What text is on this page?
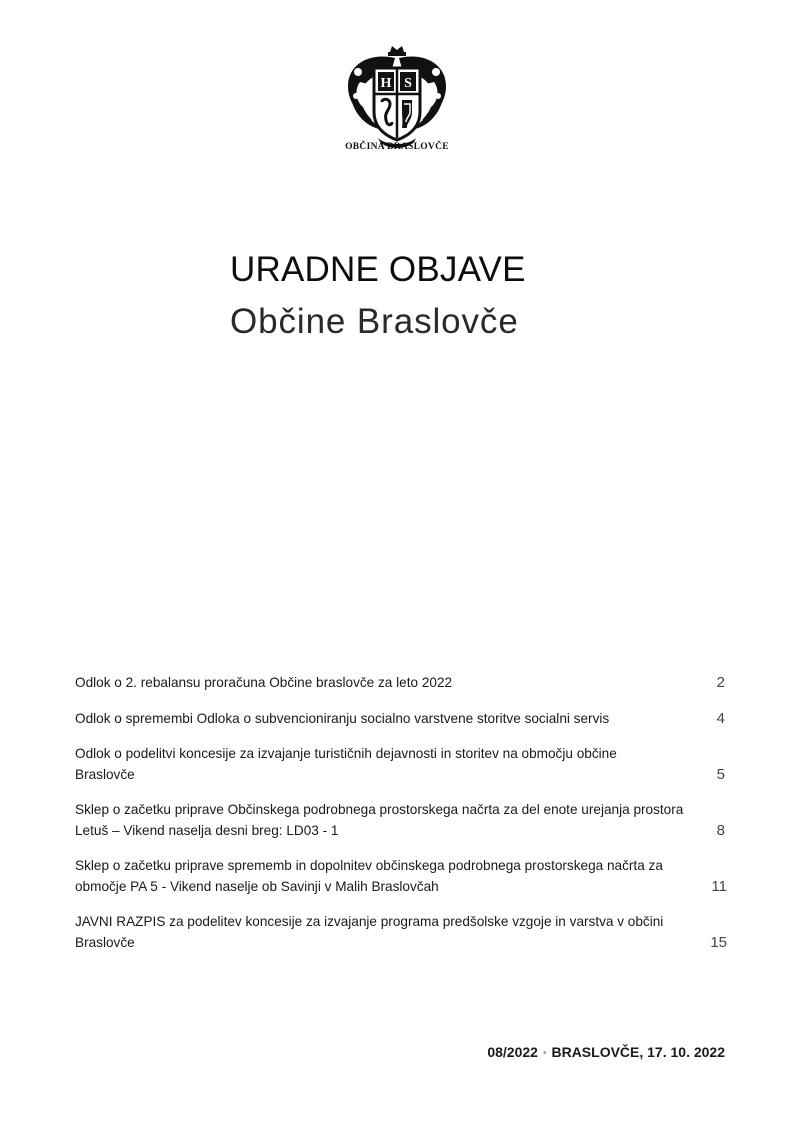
H S
OBČINA BRASLOVČE
URADNE OBJAVE
Občine Braslovče
Odlok o 2. rebalansu proračuna Občine braslovče za leto 2022	2
Odlok o spremembi Odloka o subvencioniranju socialno varstvene storitve socialni servis	4
Odlok o podelitvi koncesije za izvajanje turističnih dejavnosti in storitev na območju občine Braslovče	5
Sklep o začetku priprave Občinskega podrobnega prostorskega načrta za del enote urejanja prostora Letuš – Vikend naselja desni breg: LD03 - 1	8
Sklep o začetku priprave sprememb in dopolnitev občinskega podrobnega prostorskega načrta za območje PA 5 - Vikend naselje ob Savinji v Malih Braslovčah	11
JAVNI RAZPIS za podelitev koncesije za izvajanje programa predšolske vzgoje in varstva v občini Braslovče	15
08/2022 • BRASLOVČE, 17. 10. 2022
